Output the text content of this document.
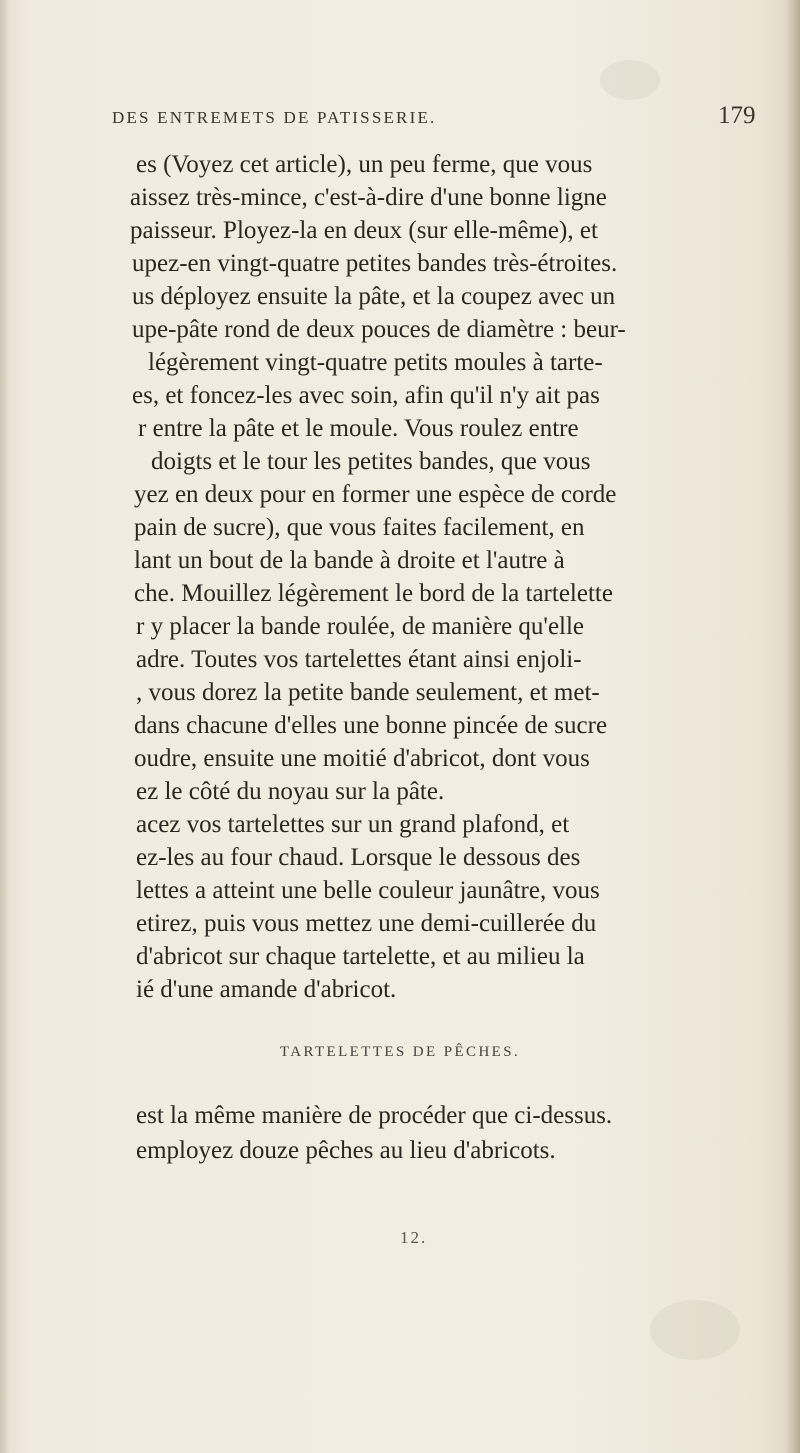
DES ENTREMETS DE PATISSERIE.	179
es (Voyez cet article), un peu ferme, que vous
aissez très-mince, c'est-à-dire d'une bonne ligne
paisseur. Ployez-la en deux (sur elle-même), et
upez-en vingt-quatre petites bandes très-étroites.
us déployez ensuite la pâte, et la coupez avec un
upe-pâte rond de deux pouces de diamètre : beur-
légèrement vingt-quatre petits moules à tarte-
es, et foncez-les avec soin, afin qu'il n'y ait pas
r entre la pâte et le moule. Vous roulez entre
doigts et le tour les petites bandes, que vous
yez en deux pour en former une espèce de corde
pain de sucre), que vous faites facilement, en
lant un bout de la bande à droite et l'autre à
che. Mouillez légèrement le bord de la tartelette
r y placer la bande roulée, de manière qu'elle
adre. Toutes vos tartelettes étant ainsi enjoli-
, vous dorez la petite bande seulement, et met-
dans chacune d'elles une bonne pincée de sucre
oudre, ensuite une moitié d'abricot, dont vous
ez le côté du noyau sur la pâte.
acez vos tartelettes sur un grand plafond, et
ez-les au four chaud. Lorsque le dessous des
lettes a atteint une belle couleur jaunâtre, vous
etirez, puis vous mettez une demi-cuillerée du
d'abricot sur chaque tartelette, et au milieu la
ié d'une amande d'abricot.
TARTELETTES DE PÊCHES.
est la même manière de procéder que ci-dessus.
employez douze pêches au lieu d'abricots.
12.
